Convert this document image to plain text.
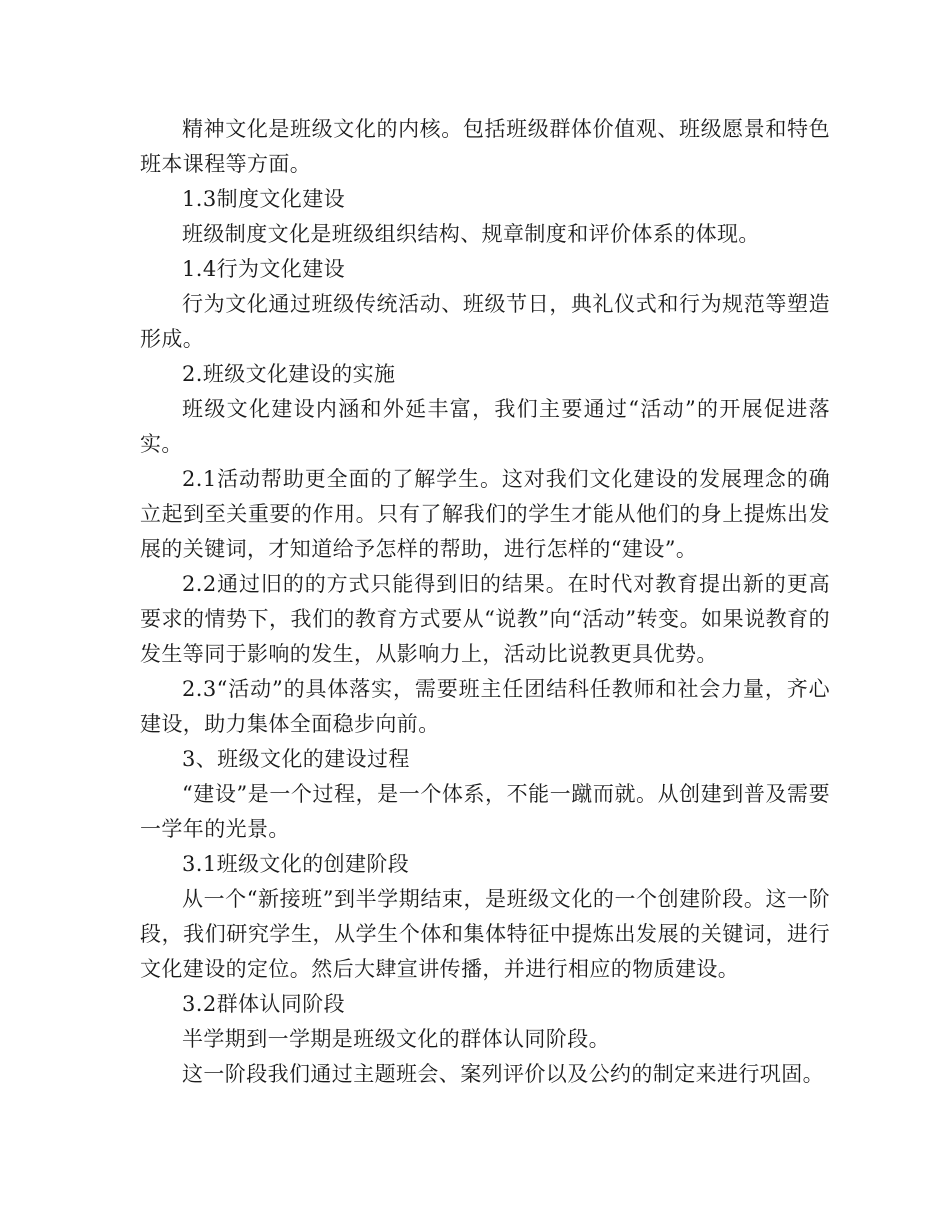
精神文化是班级文化的内核。包括班级群体价值观、班级愿景和特色班本课程等方面。

1.3制度文化建设

班级制度文化是班级组织结构、规章制度和评价体系的体现。

1.4行为文化建设

行为文化通过班级传统活动、班级节日，典礼仪式和行为规范等塑造形成。

2.班级文化建设的实施

班级文化建设内涵和外延丰富，我们主要通过“活动”的开展促进落实。

2.1活动帮助更全面的了解学生。这对我们文化建设的发展理念的确立起到至关重要的作用。只有了解我们的学生才能从他们的身上提炼出发展的关键词，才知道给予怎样的帮助，进行怎样的“建设”。

2.2通过旧的的方式只能得到旧的结果。在时代对教育提出新的更高要求的情势下，我们的教育方式要从“说教”向“活动”转变。如果说教育的发生等同于影响的发生，从影响力上，活动比说教更具优势。

2.3“活动”的具体落实，需要班主任团结科任教师和社会力量，齐心建设，助力集体全面稳步向前。

3、班级文化的建设过程

“建设”是一个过程，是一个体系，不能一蹴而就。从创建到普及需要一学年的光景。

3.1班级文化的创建阶段

从一个“新接班”到半学期结束，是班级文化的一个创建阶段。这一阶段，我们研究学生，从学生个体和集体特征中提炼出发展的关键词，进行文化建设的定位。然后大肆宣讲传播，并进行相应的物质建设。

3.2群体认同阶段

半学期到一学期是班级文化的群体认同阶段。

这一阶段我们通过主题班会、案列评价以及公约的制定来进行巩固。
